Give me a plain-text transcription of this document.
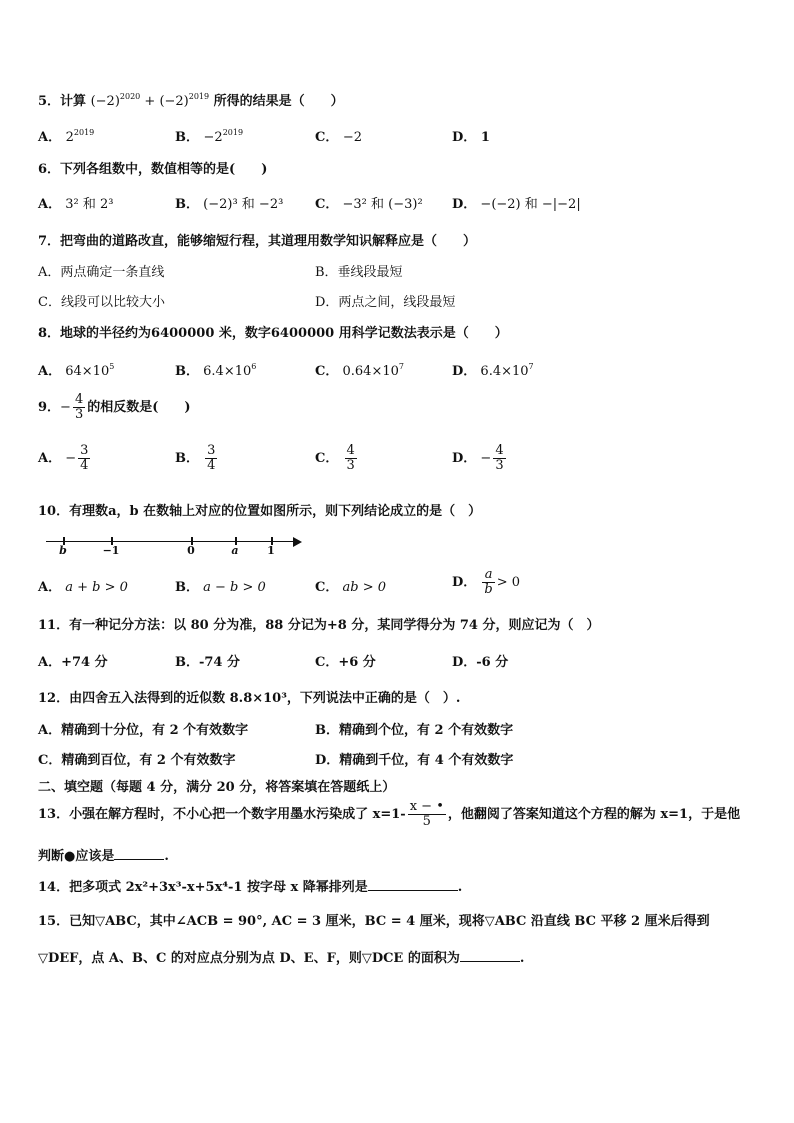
5．计算 $(-2)^{2020} + (-2)^{2019}$ 所得的结果是（　　）
A． $2^{2019}$	B． $-2^{2019}$	C． −2	D． 1
6．下列各组数中，数值相等的是(　　)
A． 3² 和 2³	B． (−2)³ 和 −2³ C． −3² 和 (−3)² D． −(−2) 和 −|−2|
7．把弯曲的道路改直，能够缩短行程，其道理用数学知识解释应是（　　）
A．两点确定一条直线	B．垂线段最短
C．线段可以比较大小	D．两点之间，线段最短
8．地球的半径约为6400000 米，数字6400000 用科学记数法表示是（　　）
A． $64\times 10^5$	B． $6.4\times 10^6$	C． $0.64\times 10^7$	D． $6.4\times 10^7$
9．− $\frac{4}{3}$ 的相反数是(　　)
A． − $\frac{3}{4}$	B． $\frac{3}{4}$	C． $\frac{4}{3}$	D． − $\frac{4}{3}$
10．有理数a，b 在数轴上对应的位置如图所示，则下列结论成立的是（　）
b	−1	0	a	1
A． a + b > 0	B． a − b > 0	C． ab > 0	D． $\frac{a}{b} > 0$
11．有一种记分方法：以 80 分为准，88 分记为+8 分，某同学得分为 74 分，则应记为（　）
A．+74 分	B．-74 分	C．+6 分	D．-6 分
12．由四舍五入法得到的近似数 8.8×10³，下列说法中正确的是（　）.
A．精确到十分位，有 2 个有效数字	B．精确到个位，有 2 个有效数字
C．精确到百位，有 2 个有效数字	D．精确到千位，有 4 个有效数字
二、填空题（每题 4 分，满分 20 分，将答案填在答题纸上）
13．小强在解方程时，不小心把一个数字用墨水污染成了 $x=1- \frac{x - •}{5}$ ，他翻阅了答案知道这个方程的解为 x=1，于是他
判断●应该是	.
14．把多项式 2x²+3x³-x+5x⁴-1 按字母 x 降幂排列是	.
15．已知▽ABC，其中∠ACB = 90°, AC = 3 厘米，BC = 4 厘米，现将▽ABC 沿直线 BC 平移 2 厘米后得到
▽DEF，点 A、B、C 的对应点分别为点 D、E、F，则▽DCE 的面积为	.
